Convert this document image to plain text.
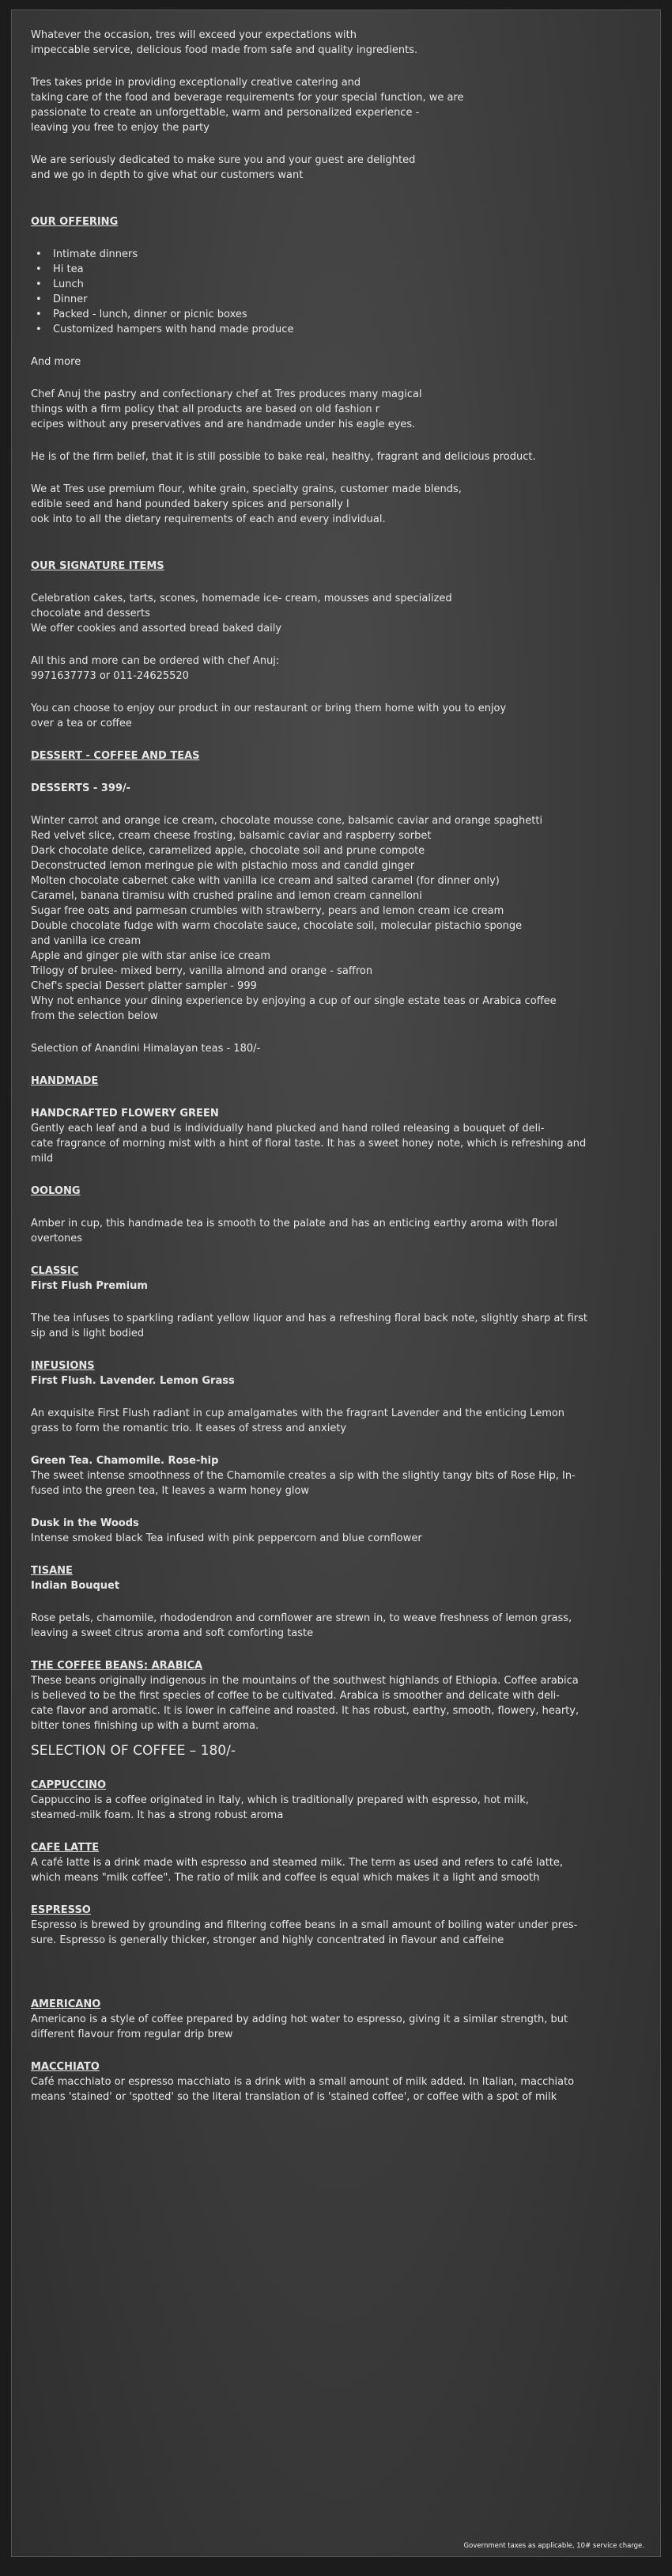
Whatever the occasion, tres will exceed your expectations with
impeccable service, delicious food made from safe and quality ingredients.

Tres takes pride in providing exceptionally creative catering and
taking care of the food and beverage requirements for your special function, we are
passionate to create an unforgettable, warm and personalized experience -
leaving you free to enjoy the party

We are seriously dedicated to make sure you and your guest are delighted
and we go in depth to give what our customers want

OUR OFFERING

• Intimate dinners
• Hi tea
• Lunch
• Dinner
• Packed - lunch, dinner or picnic boxes
• Customized hampers with hand made produce

And more

Chef Anuj the pastry and confectionary chef at Tres produces many magical
things with a firm policy that all products are based on old fashion r
ecipes without any preservatives and are handmade under his eagle eyes.

He is of the firm belief, that it is still possible to bake real, healthy, fragrant and delicious product.

We at Tres use premium flour, white grain, specialty grains, customer made blends,
edible seed and hand pounded bakery spices and personally l
ook into to all the dietary requirements of each and every individual.

OUR SIGNATURE ITEMS

Celebration cakes, tarts, scones, homemade ice- cream, mousses and specialized
chocolate and desserts
We offer cookies and assorted bread baked daily

All this and more can be ordered with chef Anuj:
9971637773 or 011-24625520

You can choose to enjoy our product in our restaurant or bring them home with you to enjoy
over a tea or coffee

DESSERT - COFFEE AND TEAS

DESSERTS - 399/-

Winter carrot and orange ice cream, chocolate mousse cone, balsamic caviar and orange spaghetti

Red velvet slice, cream cheese frosting, balsamic caviar and raspberry sorbet

Dark chocolate delice, caramelized apple, chocolate soil and prune compote

Deconstructed lemon meringue pie with pistachio moss and candid ginger

Molten chocolate cabernet cake with vanilla ice cream and salted caramel (for dinner only)

Caramel, banana tiramisu with crushed praline and lemon cream cannelloni

Sugar free oats and parmesan crumbles with strawberry, pears and lemon cream ice cream

Double chocolate fudge with warm chocolate sauce, chocolate soil, molecular pistachio sponge
and vanilla ice cream

Apple and ginger pie with star anise ice cream

Trilogy of brulee- mixed berry, vanilla almond and orange - saffron

Chef's special Dessert platter sampler - 999

Why not enhance your dining experience by enjoying a cup of our single estate teas or Arabica coffee
from the selection below

Selection of Anandini Himalayan teas - 180/-

HANDMADE

HANDCRAFTED FLOWERY GREEN

Gently each leaf and a bud is individually hand plucked and hand rolled releasing a bouquet of deli-
cate fragrance of morning mist with a hint of floral taste. It has a sweet honey note, which is refreshing and
mild

OOLONG

Amber in cup, this handmade tea is smooth to the palate and has an enticing earthy aroma with floral
overtones

CLASSIC

First Flush Premium

The tea infuses to sparkling radiant yellow liquor and has a refreshing floral back note, slightly sharp at first
sip and is light bodied

INFUSIONS

First Flush. Lavender. Lemon Grass

An exquisite First Flush radiant in cup amalgamates with the fragrant Lavender and the enticing Lemon
grass to form the romantic trio. It eases of stress and anxiety

Green Tea. Chamomile. Rose-hip

The sweet intense smoothness of the Chamomile creates a sip with the slightly tangy bits of Rose Hip, In-
fused into the green tea, It leaves a warm honey glow

Dusk in the Woods

Intense smoked black Tea infused with pink peppercorn and blue cornflower

TISANE

Indian Bouquet

Rose petals, chamomile, rhododendron and cornflower are strewn in, to weave freshness of lemon grass,
leaving a sweet citrus aroma and soft comforting taste

THE COFFEE BEANS: ARABICA

These beans originally indigenous in the mountains of the southwest highlands of Ethiopia. Coffee arabica
is believed to be the first species of coffee to be cultivated. Arabica is smoother and delicate with deli-
cate flavor and aromatic. It is lower in caffeine and roasted. It has robust, earthy, smooth, flowery, hearty,
bitter tones finishing up with a burnt aroma.

SELECTION OF COFFEE – 180/-

CAPPUCCINO

Cappuccino is a coffee originated in Italy, which is traditionally prepared with espresso, hot milk,
steamed-milk foam. It has a strong robust aroma

CAFE LATTE

A café latte is a drink made with espresso and steamed milk. The term as used and refers to café latte,
which means "milk coffee". The ratio of milk and coffee is equal which makes it a light and smooth

ESPRESSO

Espresso is brewed by grounding and filtering coffee beans in a small amount of boiling water under pres-
sure. Espresso is generally thicker, stronger and highly concentrated in flavour and caffeine

AMERICANO

Americano is a style of coffee prepared by adding hot water to espresso, giving it a similar strength, but
different flavour from regular drip brew

MACCHIATO

Café macchiato or espresso macchiato is a drink with a small amount of milk added. In Italian, macchiato
means 'stained' or 'spotted' so the literal translation of is 'stained coffee', or coffee with a spot of milk

Government taxes as applicable, 10# service charge.
